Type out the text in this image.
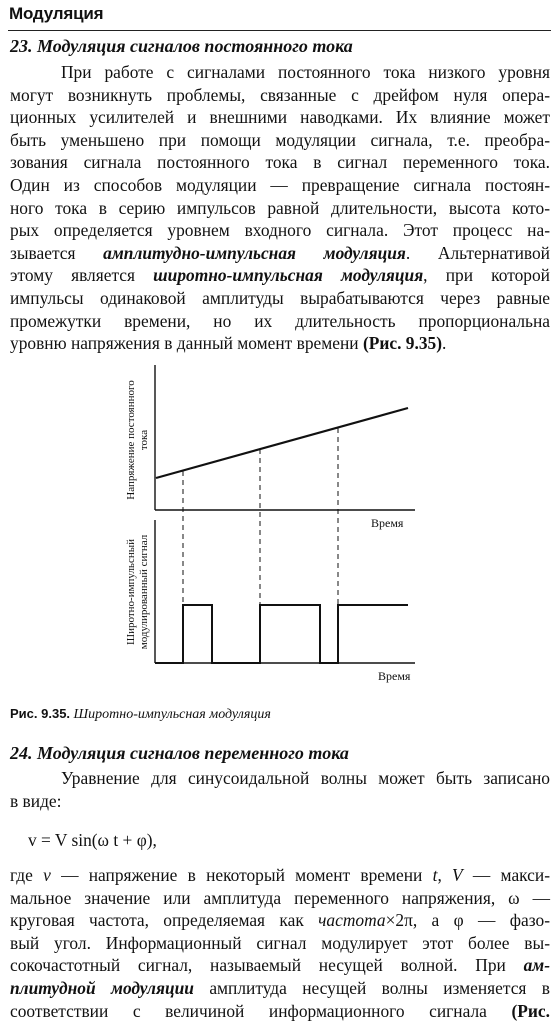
Модуляция
23. Модуляция сигналов постоянного тока
При работе с сигналами постоянного тока низкого уровня
могут возникнуть проблемы, связанные с дрейфом нуля опера-
ционных усилителей и внешними наводками. Их влияние может
быть уменьшено при помощи модуляции сигнала, т.е. преобра-
зования сигнала постоянного тока в сигнал переменного тока.
Один из способов модуляции — превращение сигнала постоян-
ного тока в серию импульсов равной длительности, высота кото-
рых определяется уровнем входного сигнала. Этот процесс на-
зывается амплитудно-импульсная модуляция. Альтернативой
этому является широтно-импульсная модуляция, при которой
импульсы одинаковой амплитуды вырабатываются через равные
промежутки времени, но их длительность пропорциональна
уровню напряжения в данный момент времени (Рис. 9.35).
Напряжение постоянного тока
Широтно-импульсный модулированный сигнал
Время
Время
Рис. 9.35. Широтно-импульсная модуляция
24. Модуляция сигналов переменного тока
Уравнение для синусоидальной волны может быть записано
в виде:
v = V sin(ω t + φ),
где v — напряжение в некоторый момент времени t, V — макси-
мальное значение или амплитуда переменного напряжения, ω —
круговая частота, определяемая как частота×2π, а φ — фазо-
вый угол. Информационный сигнал модулирует этот более вы-
сокочастотный сигнал, называемый несущей волной. При ам-
плитудной модуляции амплитуда несущей волны изменяется в
соответствии с величиной информационного сигнала (Рис.
